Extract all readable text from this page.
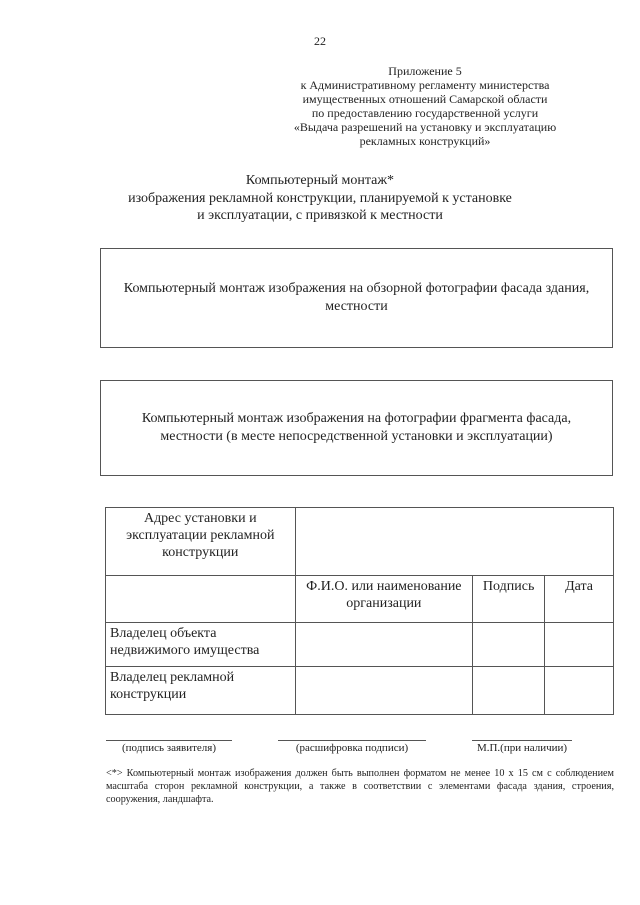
22
Приложение 5
к Административному регламенту министерства
имущественных отношений Самарской области
по предоставлению государственной услуги
«Выдача разрешений на установку и эксплуатацию
рекламных конструкций»
Компьютерный монтаж*
изображения рекламной конструкции, планируемой к установке
и эксплуатации, с привязкой к местности
Компьютерный монтаж изображения на обзорной фотографии фасада здания, местности
Компьютерный монтаж изображения на фотографии фрагмента фасада, местности (в месте непосредственной установки и эксплуатации)
Адрес установки и эксплуатации рекламной конструкции			
	Ф.И.О. или наименование организации	Подпись	Дата
Владелец объекта недвижимого имущества			
Владелец рекламной конструкции			
(подпись заявителя)	(расшифровка подписи)	М.П.(при наличии)
<*> Компьютерный монтаж изображения должен быть выполнен форматом не менее 10 х 15 см с соблюдением масштаба сторон рекламной конструкции, а также в соответствии с элементами фасада здания, строения, сооружения, ландшафта.
